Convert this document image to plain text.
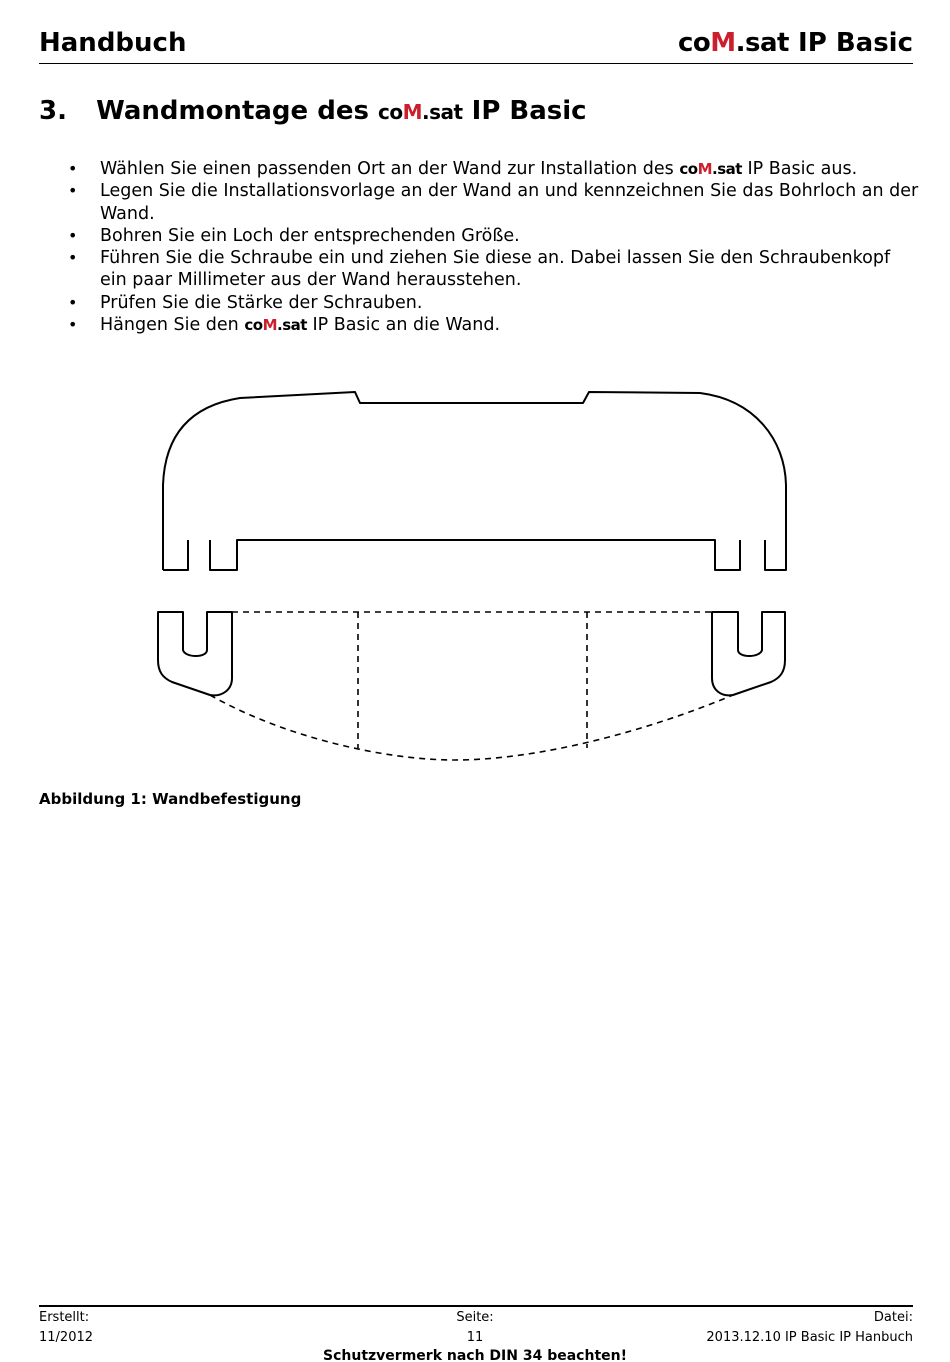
Handbuch	coM.sat IP Basic
3. Wandmontage des coM.sat IP Basic
• Wählen Sie einen passenden Ort an der Wand zur Installation des coM.sat IP Basic aus.
• Legen Sie die Installationsvorlage an der Wand an und kennzeichnen Sie das Bohrloch an der Wand.
• Bohren Sie ein Loch der entsprechenden Größe.
• Führen Sie die Schraube ein und ziehen Sie diese an. Dabei lassen Sie den Schraubenkopf ein paar Millimeter aus der Wand herausstehen.
• Prüfen Sie die Stärke der Schrauben.
• Hängen Sie den coM.sat IP Basic an die Wand.
Abbildung 1: Wandbefestigung
Erstellt:	Seite:	Datei:
11/2012	11	2013.12.10 IP Basic IP Hanbuch
Schutzvermerk nach DIN 34 beachten!
